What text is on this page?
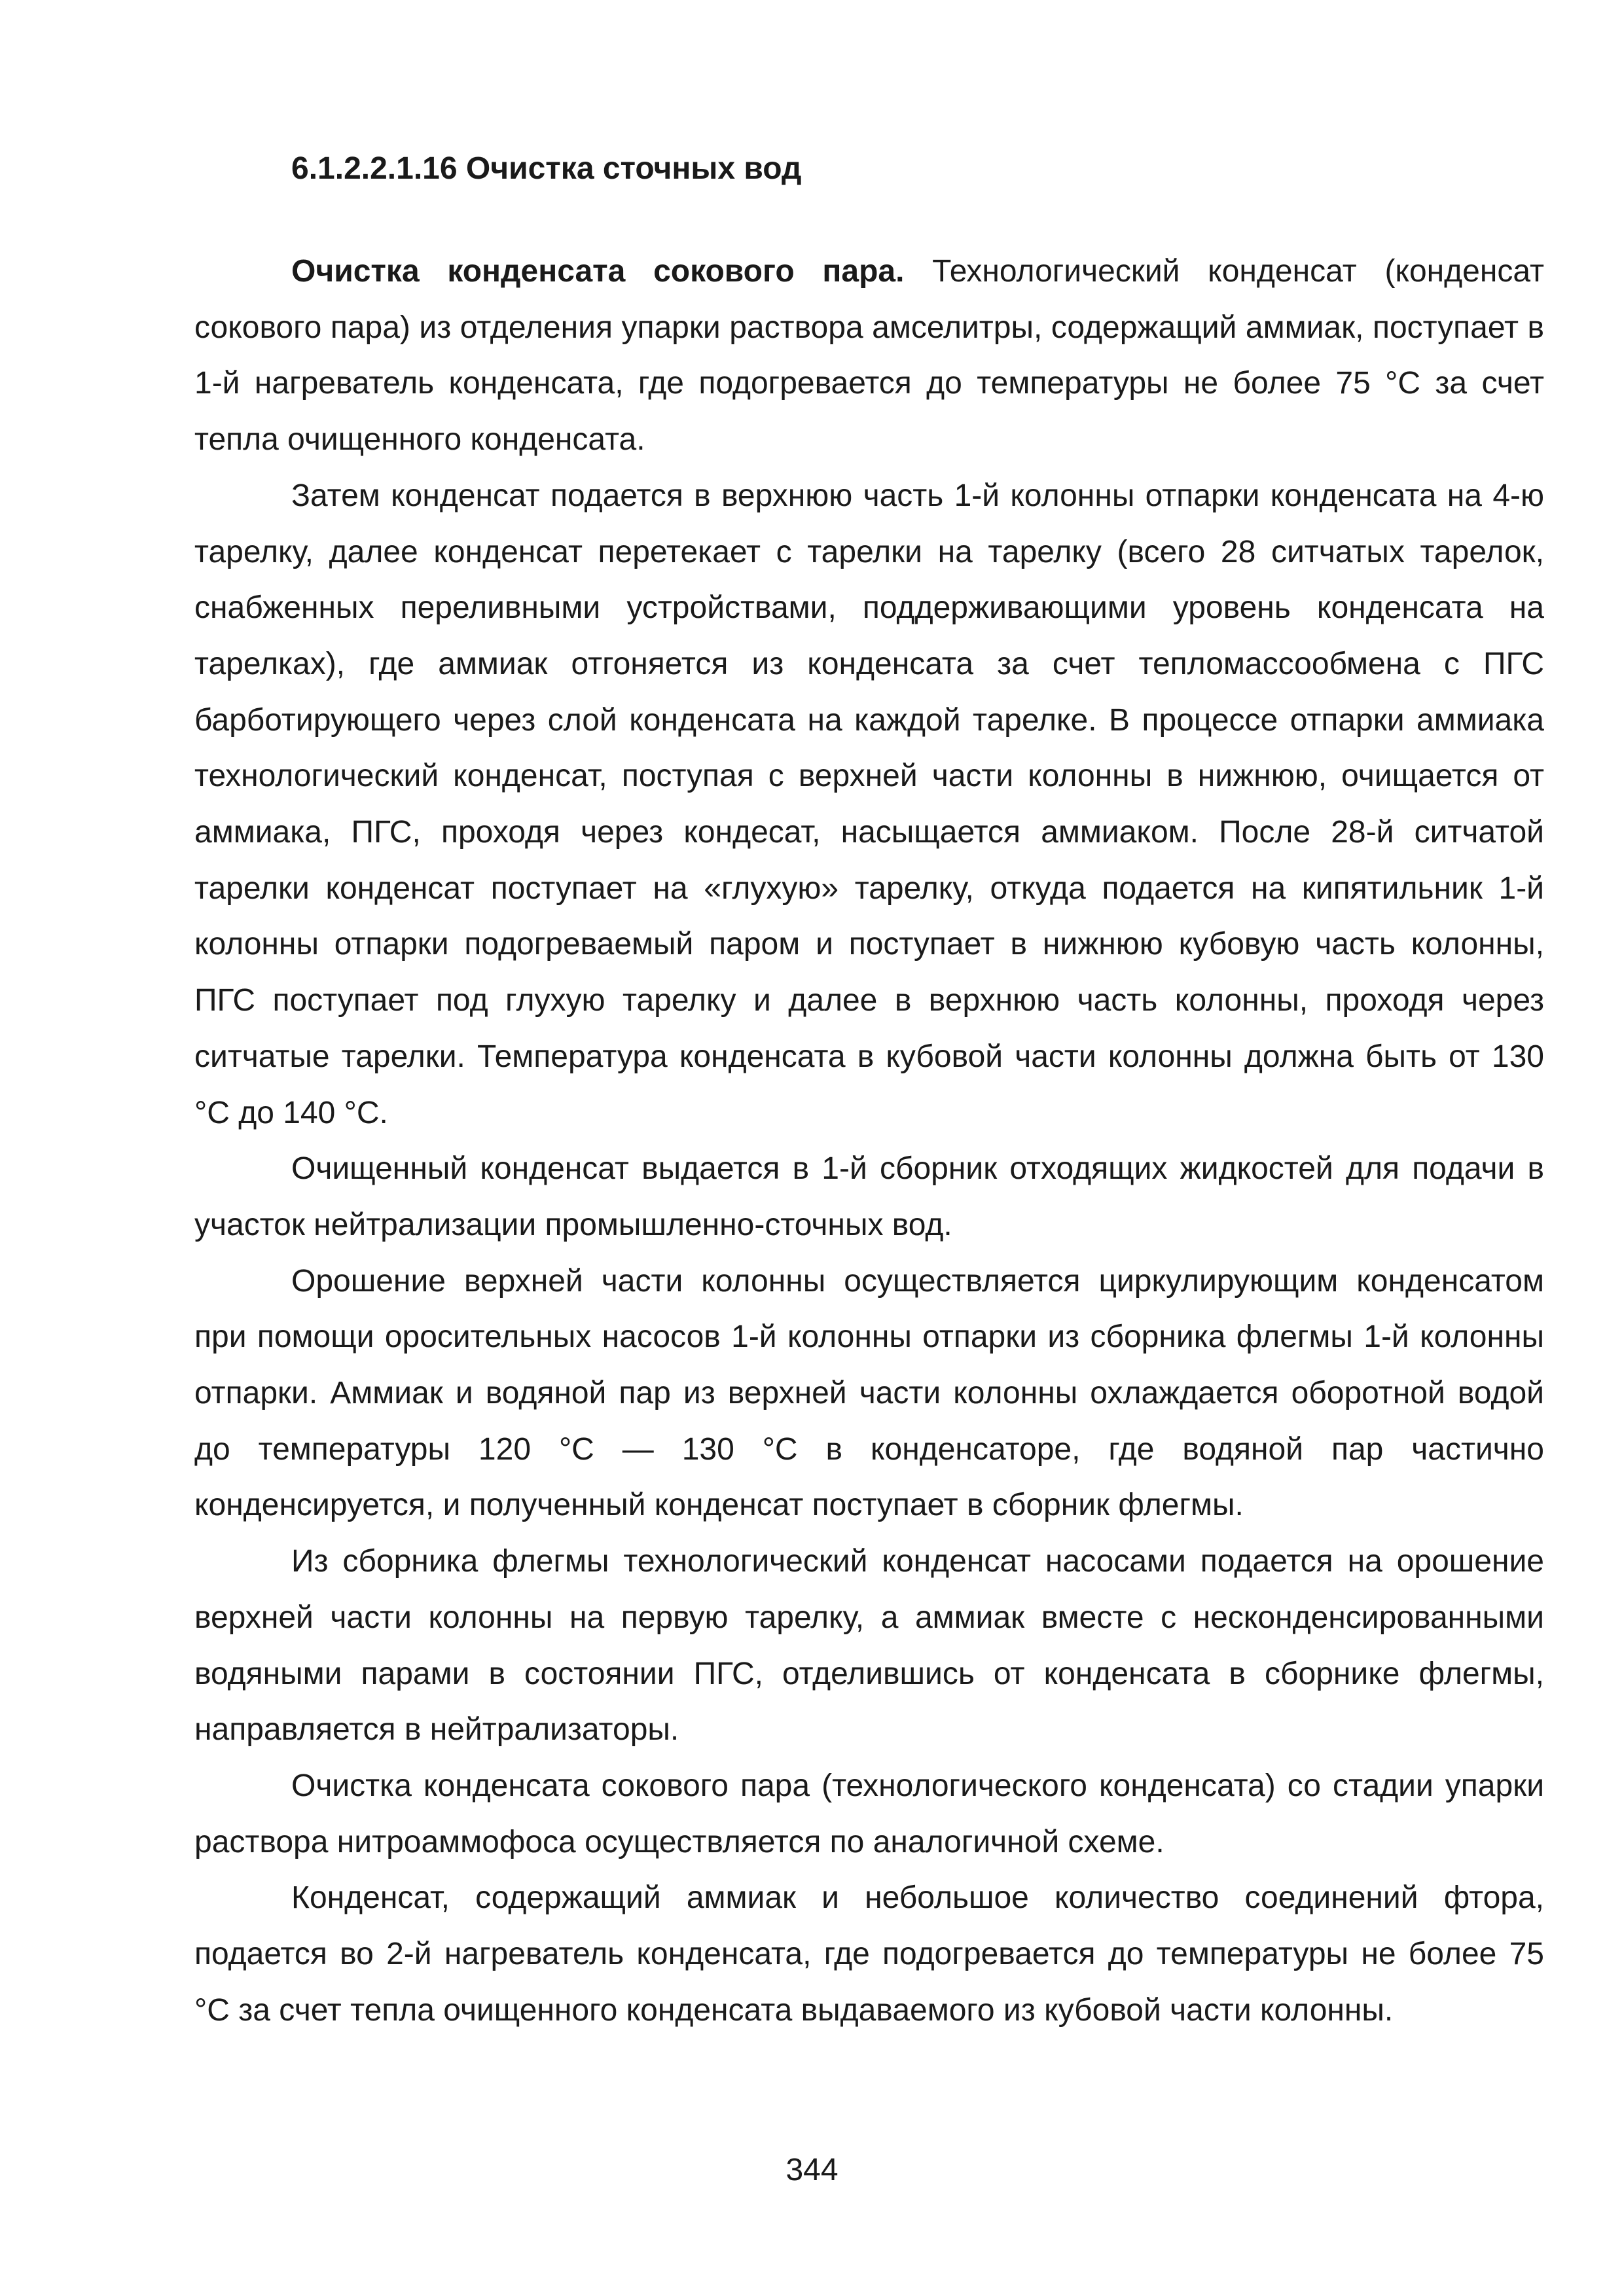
6.1.2.2.1.16 Очистка сточных вод

Очистка конденсата сокового пара. Технологический конденсат (конденсат сокового пара) из отделения упарки раствора амселитры, содержащий аммиак, поступает в 1-й нагреватель конденсата, где подогревается до температуры не более 75 °С за счет тепла очищенного конденсата.

Затем конденсат подается в верхнюю часть 1-й колонны отпарки конденсата на 4-ю тарелку, далее конденсат перетекает с тарелки на тарелку (всего 28 ситчатых тарелок, снабженных переливными устройствами, поддерживающими уровень конденсата на тарелках), где аммиак отгоняется из конденсата за счет тепломассообмена с ПГС барботирующего через слой конденсата на каждой тарелке. В процессе отпарки аммиака технологический конденсат, поступая с верхней части колонны в нижнюю, очищается от аммиака, ПГС, проходя через кондесат, насыщается аммиаком. После 28-й ситчатой тарелки конденсат поступает на «глухую» тарелку, откуда подается на кипятильник 1-й колонны отпарки подогреваемый паром и поступает в нижнюю кубовую часть колонны, ПГС поступает под глухую тарелку и далее в верхнюю часть колонны, проходя через ситчатые тарелки. Температура конденсата в кубовой части колонны должна быть от 130 °С до 140 °С.

Очищенный конденсат выдается в 1-й сборник отходящих жидкостей для подачи в участок нейтрализации промышленно-сточных вод.

Орошение верхней части колонны осуществляется циркулирующим конденсатом при помощи оросительных насосов 1-й колонны отпарки из сборника флегмы 1-й колонны отпарки. Аммиак и водяной пар из верхней части колонны охлаждается оборотной водой до температуры 120 °С — 130 °С в конденсаторе, где водяной пар частично конденсируется, и полученный конденсат поступает в сборник флегмы.

Из сборника флегмы технологический конденсат насосами подается на орошение верхней части колонны на первую тарелку, а аммиак вместе с несконденсированными водяными парами в состоянии ПГС, отделившись от конденсата в сборнике флегмы, направляется в нейтрализаторы.

Очистка конденсата сокового пара (технологического конденсата) со стадии упарки раствора нитроаммофоса осуществляется по аналогичной схеме.

Конденсат, содержащий аммиак и небольшое количество соединений фтора, подается во 2-й нагреватель конденсата, где подогревается до температуры не более 75 °С за счет тепла очищенного конденсата выдаваемого из кубовой части колонны.

344
